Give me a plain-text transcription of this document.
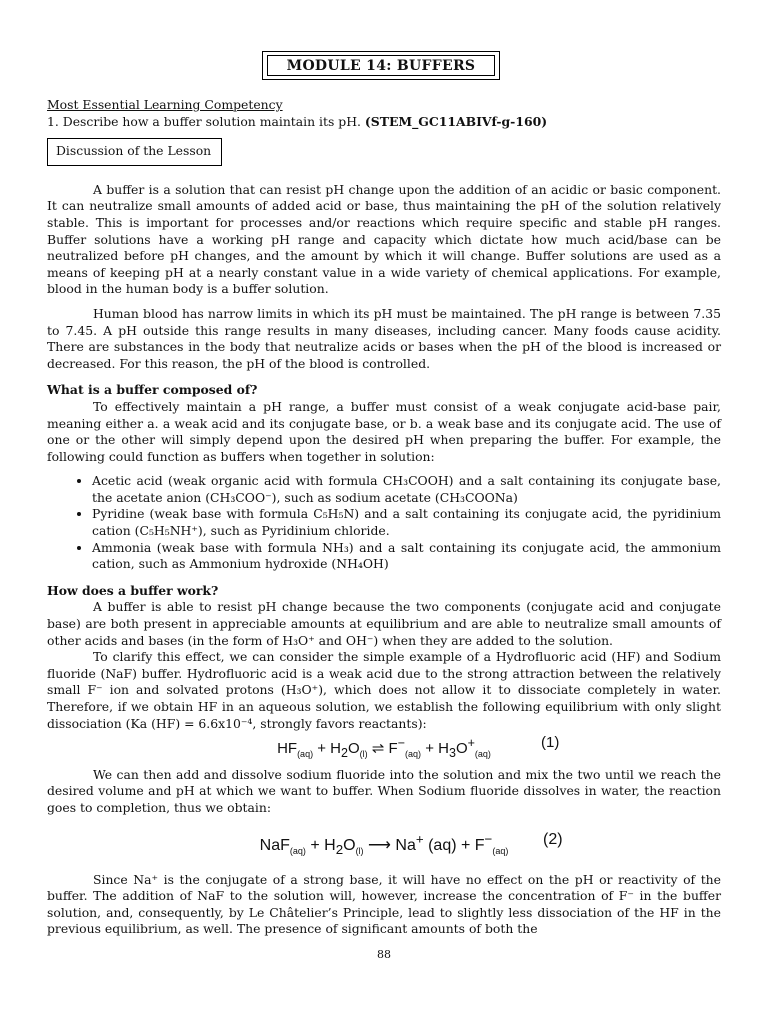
MODULE 14: BUFFERS

Most Essential Learning Competency

1. Describe how a buffer solution maintain its pH. (STEM_GC11ABIVf-g-160)

Discussion of the Lesson

A buffer is a solution that can resist pH change upon the addition of an acidic or basic component. It can neutralize small amounts of added acid or base, thus maintaining the pH of the solution relatively stable. This is important for processes and/or reactions which require specific and stable pH ranges. Buffer solutions have a working pH range and capacity which dictate how much acid/base can be neutralized before pH changes, and the amount by which it will change. Buffer solutions are used as a means of keeping pH at a nearly constant value in a wide variety of chemical applications. For example, blood in the human body is a buffer solution.

Human blood has narrow limits in which its pH must be maintained. The pH range is between 7.35 to 7.45. A pH outside this range results in many diseases, including cancer. Many foods cause acidity. There are substances in the body that neutralize acids or bases when the pH of the blood is increased or decreased. For this reason, the pH of the blood is controlled.

What is a buffer composed of?

To effectively maintain a pH range, a buffer must consist of a weak conjugate acid-base pair, meaning either a. a weak acid and its conjugate base, or b. a weak base and its conjugate acid. The use of one or the other will simply depend upon the desired pH when preparing the buffer. For example, the following could function as buffers when together in solution:

• Acetic acid (weak organic acid with formula CH₃COOH) and a salt containing its conjugate base, the acetate anion (CH₃COO⁻), such as sodium acetate (CH₃COONa)
• Pyridine (weak base with formula C₅H₅N) and a salt containing its conjugate acid, the pyridinium cation (C₅H₅NH⁺), such as Pyridinium chloride.
• Ammonia (weak base with formula NH₃) and a salt containing its conjugate acid, the ammonium cation, such as Ammonium hydroxide (NH₄OH)

How does a buffer work?

A buffer is able to resist pH change because the two components (conjugate acid and conjugate base) are both present in appreciable amounts at equilibrium and are able to neutralize small amounts of other acids and bases (in the form of H₃O⁺ and OH⁻) when they are added to the solution.

To clarify this effect, we can consider the simple example of a Hydrofluoric acid (HF) and Sodium fluoride (NaF) buffer. Hydrofluoric acid is a weak acid due to the strong attraction between the relatively small F⁻ ion and solvated protons (H₃O⁺), which does not allow it to dissociate completely in water. Therefore, if we obtain HF in an aqueous solution, we establish the following equilibrium with only slight dissociation (Ka (HF) = 6.6x10⁻⁴, strongly favors reactants):

$HF_{(aq)} + H_2O_{(l)}$ ⇌ $F^-_{(aq)} + H_3O^+_{(aq)}$
(1)

We can then add and dissolve sodium fluoride into the solution and mix the two until we reach the desired volume and pH at which we want to buffer. When Sodium fluoride dissolves in water, the reaction goes to completion, thus we obtain:

$NaF_{(aq)} + H_2O_{(l)}$ ⟶ Na+ $(aq) + F^-_{(aq)}$
(2)

Since Na⁺ is the conjugate of a strong base, it will have no effect on the pH or reactivity of the buffer. The addition of NaF to the solution will, however, increase the concentration of F⁻ in the buffer solution, and, consequently, by Le Châtelier’s Principle, lead to slightly less dissociation of the HF in the previous equilibrium, as well. The presence of significant amounts of both the

88
